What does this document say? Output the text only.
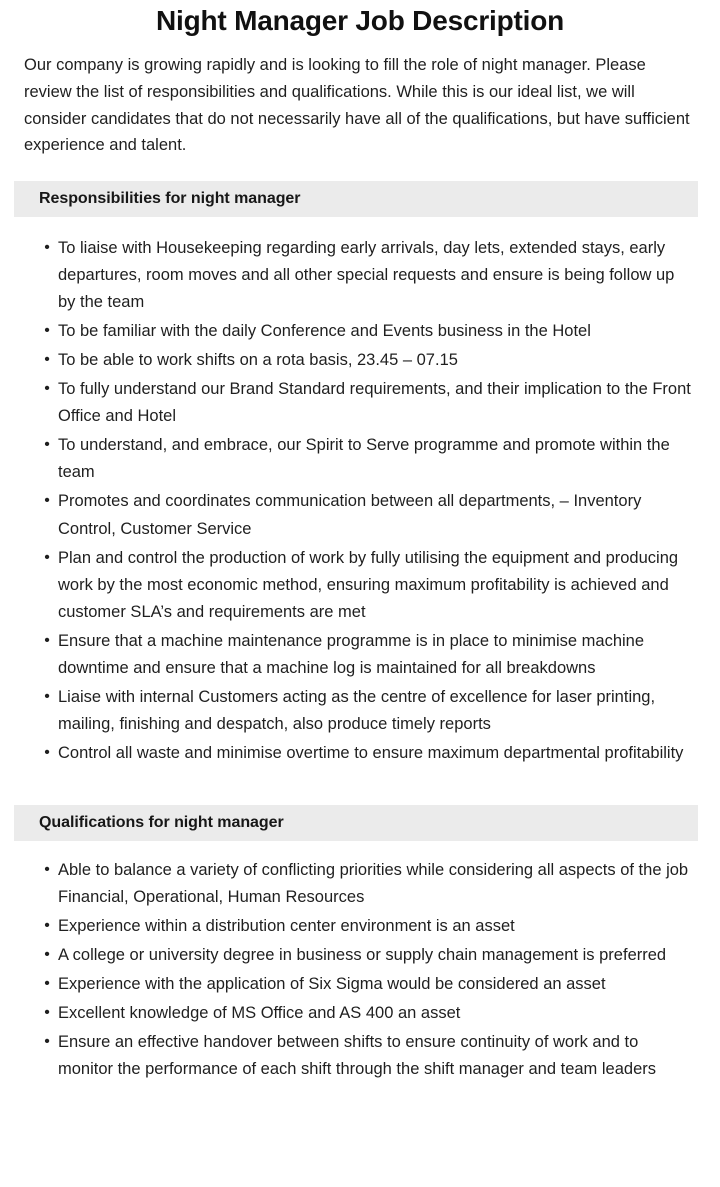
Night Manager Job Description

Our company is growing rapidly and is looking to fill the role of night manager. Please review the list of responsibilities and qualifications. While this is our ideal list, we will consider candidates that do not necessarily have all of the qualifications, but have sufficient experience and talent.

Responsibilities for night manager
• To liaise with Housekeeping regarding early arrivals, day lets, extended stays, early departures, room moves and all other special requests and ensure is being follow up by the team
• To be familiar with the daily Conference and Events business in the Hotel
• To be able to work shifts on a rota basis, 23.45 – 07.15
• To fully understand our Brand Standard requirements, and their implication to the Front Office and Hotel
• To understand, and embrace, our Spirit to Serve programme and promote within the team
• Promotes and coordinates communication between all departments, – Inventory Control, Customer Service
• Plan and control the production of work by fully utilising the equipment and producing work by the most economic method, ensuring maximum profitability is achieved and customer SLA’s and requirements are met
• Ensure that a machine maintenance programme is in place to minimise machine downtime and ensure that a machine log is maintained for all breakdowns
• Liaise with internal Customers acting as the centre of excellence for laser printing, mailing, finishing and despatch, also produce timely reports
• Control all waste and minimise overtime to ensure maximum departmental profitability
Qualifications for night manager
• Able to balance a variety of conflicting priorities while considering all aspects of the job Financial, Operational, Human Resources
• Experience within a distribution center environment is an asset
• A college or university degree in business or supply chain management is preferred
• Experience with the application of Six Sigma would be considered an asset
• Excellent knowledge of MS Office and AS 400 an asset
• Ensure an effective handover between shifts to ensure continuity of work and to monitor the performance of each shift through the shift manager and team leaders
